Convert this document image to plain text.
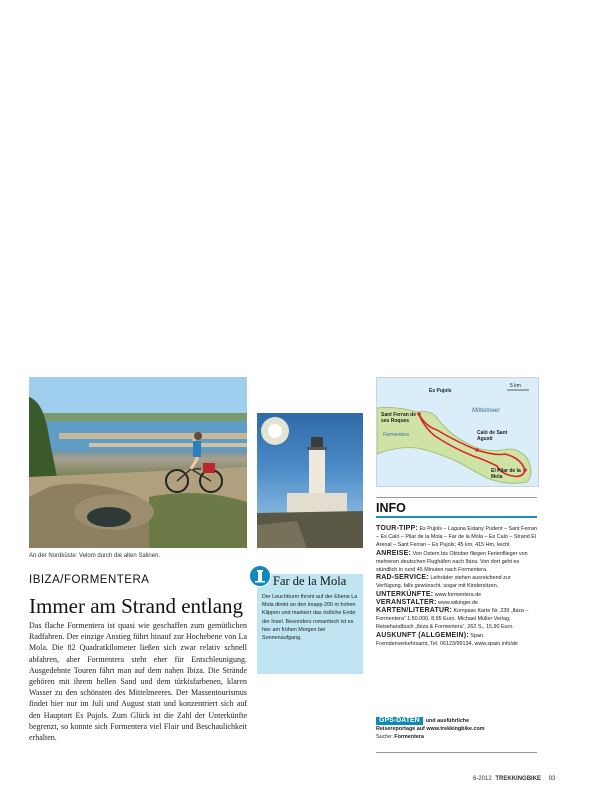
An der Nordküste: Velom durch die alten Salinen.
Es Pujols
5 km
Mittelmeer
Sant Ferran de ses Roques
Formentera	Calò de Sant Agustí
El Pilar de la Mola
IBIZA/FORMENTERA
Immer am Strand entlang
Das flache Formentera ist quasi wie geschaffen zum gemütlichen Radfahren. Der einzige Anstieg führt hinauf zur Hochebene von La Mola. Die 82 Quadratkilometer ließen sich zwar relativ schnell abfahren, aber Formentera steht eher für Entschleunigung. Ausgedehnte Touren fährt man auf dem nahen Ibiza. Die Strände gehören mit ihrem hellen Sand und dem türkisfarbenen, klaren Wasser zu den schönsten des Mittelmeeres. Der Massentourismus findet hier nur im Juli und August statt und konzentriert sich auf den Hauptort Es Pujols. Zum Glück ist die Zahl der Unterkünfte begrenzt, so konnte sich Formentera viel Flair und Beschaulichkeit erhalten.
Far de la Mola
Der Leuchtturm thront auf der Ebene La Mola direkt an den knapp 200 m hohen Klippen und markiert das östliche Ende der Insel. Besonders romantisch ist es hier am frühen Morgen bei Sonnenaufgang.
INFO
TOUR-TIPP: Es Pujols – Laguna Estany Pudent – Sant Ferran – Es Caló – Pilar de la Mola – Far de la Mola – Es Caló – Strand El Arenal – Sant Ferran – Es Pujols; 45 km, 415 Hm, leicht
ANREISE: Von Ostern bis Oktober fliegen Ferienflieger von mehreren deutschen Flughäfen nach Ibiza. Von dort geht es stündlich in rund 45 Minuten nach Formentera.
RAD-SERVICE: Leihräder stehen ausreichend zur Verfügung, falls gewünscht, sogar mit Kindersitzen.
UNTERKÜNFTE: www.formentera.de
VERANSTALTER: www.wikinger.de
KARTEN/LITERATUR: Kompass Karte Nr. 239 „Ibiza – Formentera“ 1:50.000, 8,95 Euro. Michael Müller Verlag, Reisehandbuch „Ibiza & Formentera“, 262 S., 15,90 Euro.
AUSKUNFT (ALLGEMEIN): Span. Fremdenverkehrsamt, Tel. 06123/99134, www.spain.info/de
GPS-DATEN und ausführliche
Reisereportage auf www.trekkingbike.com
Suche: Formentera
6-2012 TREKKINGBIKE 93
